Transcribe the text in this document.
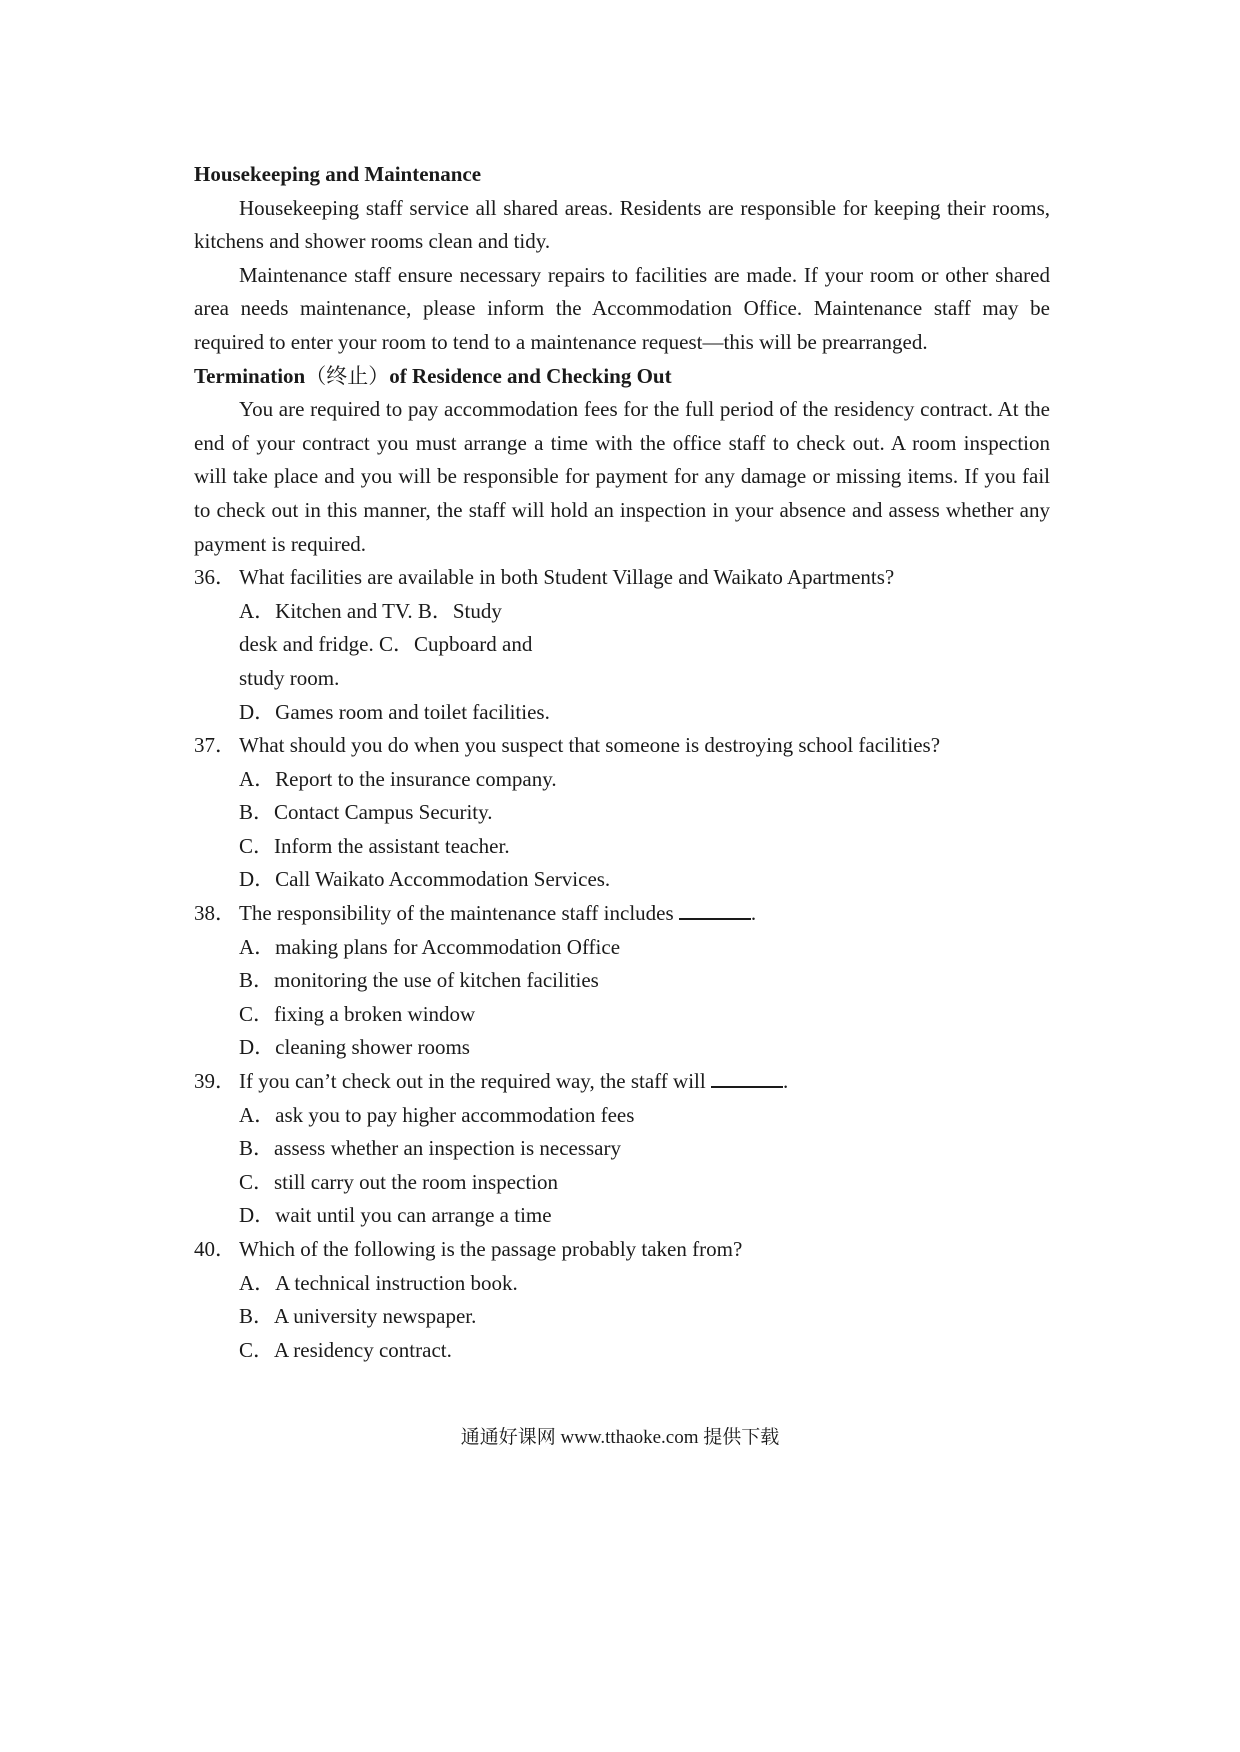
Housekeeping and Maintenance

Housekeeping staff service all shared areas. Residents are responsible for keeping their rooms, kitchens and shower rooms clean and tidy.

Maintenance staff ensure necessary repairs to facilities are made. If your room or other shared area needs maintenance, please inform the Accommodation Office. Maintenance staff may be required to enter your room to tend to a maintenance request—this will be prearranged.

Termination（终止）of Residence and Checking Out

You are required to pay accommodation fees for the full period of the residency contract. At the end of your contract you must arrange a time with the office staff to check out. A room inspection will take place and you will be responsible for payment for any damage or missing items. If you fail to check out in this manner, the staff will hold an inspection in your absence and assess whether any payment is required.

36． What facilities are available in both Student Village and Waikato Apartments?

A．Kitchen and TV. B．Study desk and fridge. C．Cupboard and study room.

D．Games room and toilet facilities.

37． What should you do when you suspect that someone is destroying school facilities?

A．Report to the insurance company.
B．Contact Campus Security.
C．Inform the assistant teacher.
D．Call Waikato Accommodation Services.

38． The responsibility of the maintenance staff includes	.

A．making plans for Accommodation Office
B．monitoring the use of kitchen facilities
C．fixing a broken window
D．cleaning shower rooms

39． If you can’t check out in the required way, the staff will	.

A．ask you to pay higher accommodation fees
B．assess whether an inspection is necessary
C．still carry out the room inspection
D．wait until you can arrange a time

40． Which of the following is the passage probably taken from?

A．A technical instruction book.
B．A university newspaper.
C．A residency contract.
通通好课网 www.tthaoke.com 提供下载
